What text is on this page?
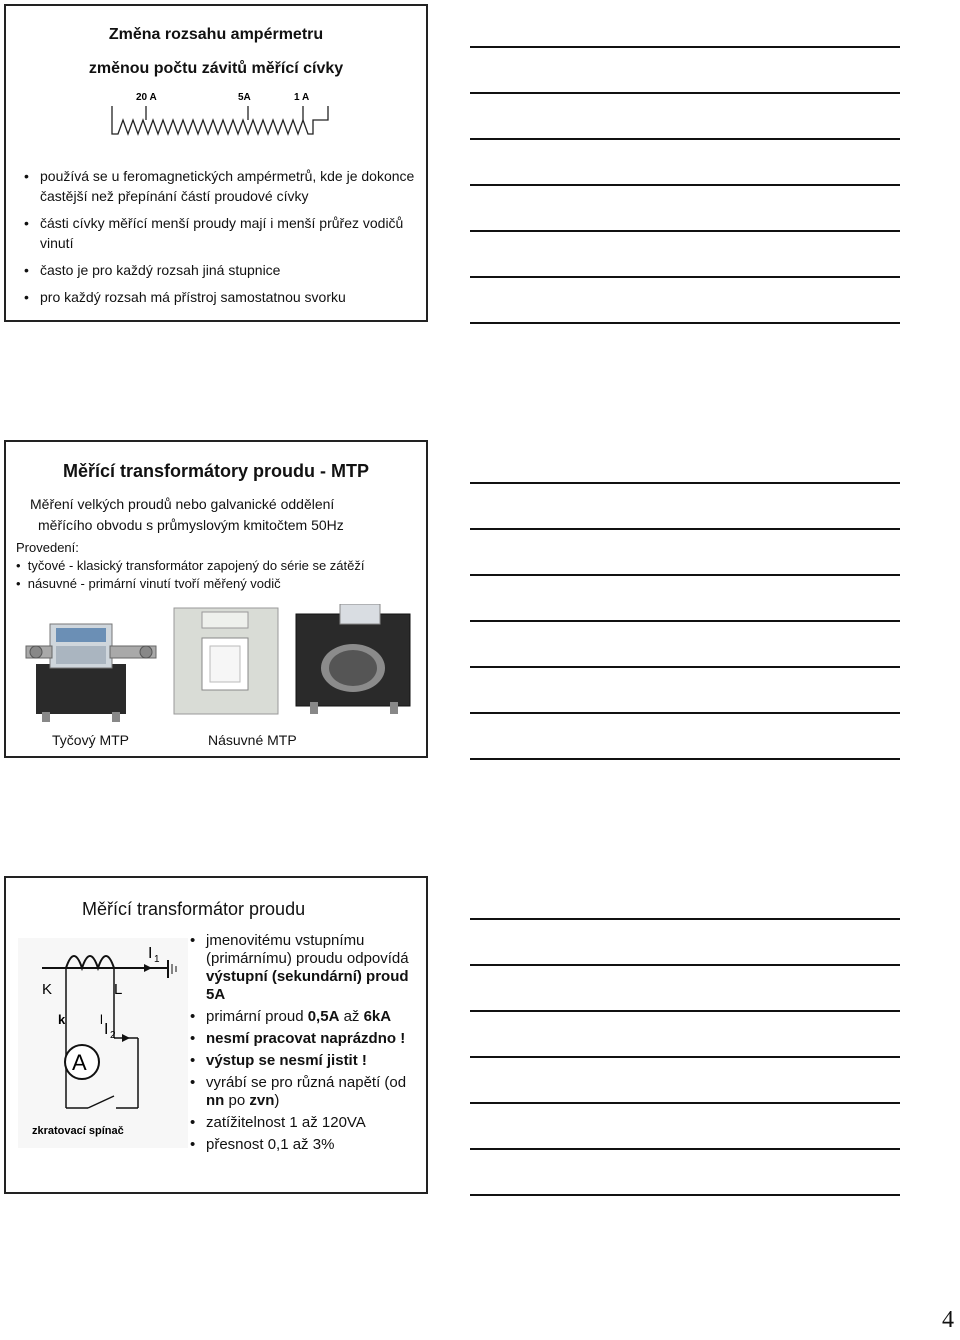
Změna rozsahu ampérmetru
změnou počtu závitů měřící cívky
20 A	5A	1 A
• používá se u feromagnetických ampérmetrů, kde je dokonce častější než přepínání částí proudové cívky
• části cívky měřící menší proudy mají i menší průřez vodičů vinutí
• často je pro každý rozsah jiná stupnice
• pro každý rozsah má přístroj samostatnou svorku
Měřící transformátory proudu - MTP
Měření velkých proudů nebo galvanické oddělení
měřícího obvodu s průmyslovým kmitočtem 50Hz
Provedení:
•  tyčové - klasický transformátor zapojený do série se zátěží
•  násuvné - primární vinutí tvoří měřený vodič
Tyčový MTP	Násuvné MTP
Měřící transformátor proudu
K	L
k	l
I 1
I 2
A
zkratovací spínač
• jmenovitému vstupnímu (primárnímu) proudu odpovídá výstupní (sekundární) proud 5A
• primární proud 0,5A až 6kA
• nesmí pracovat naprázdno !
• výstup se nesmí jistit !
• vyrábí se pro různá napětí (od nn po zvn)
• zatížitelnost 1 až 120VA
• přesnost 0,1 až 3%
4
